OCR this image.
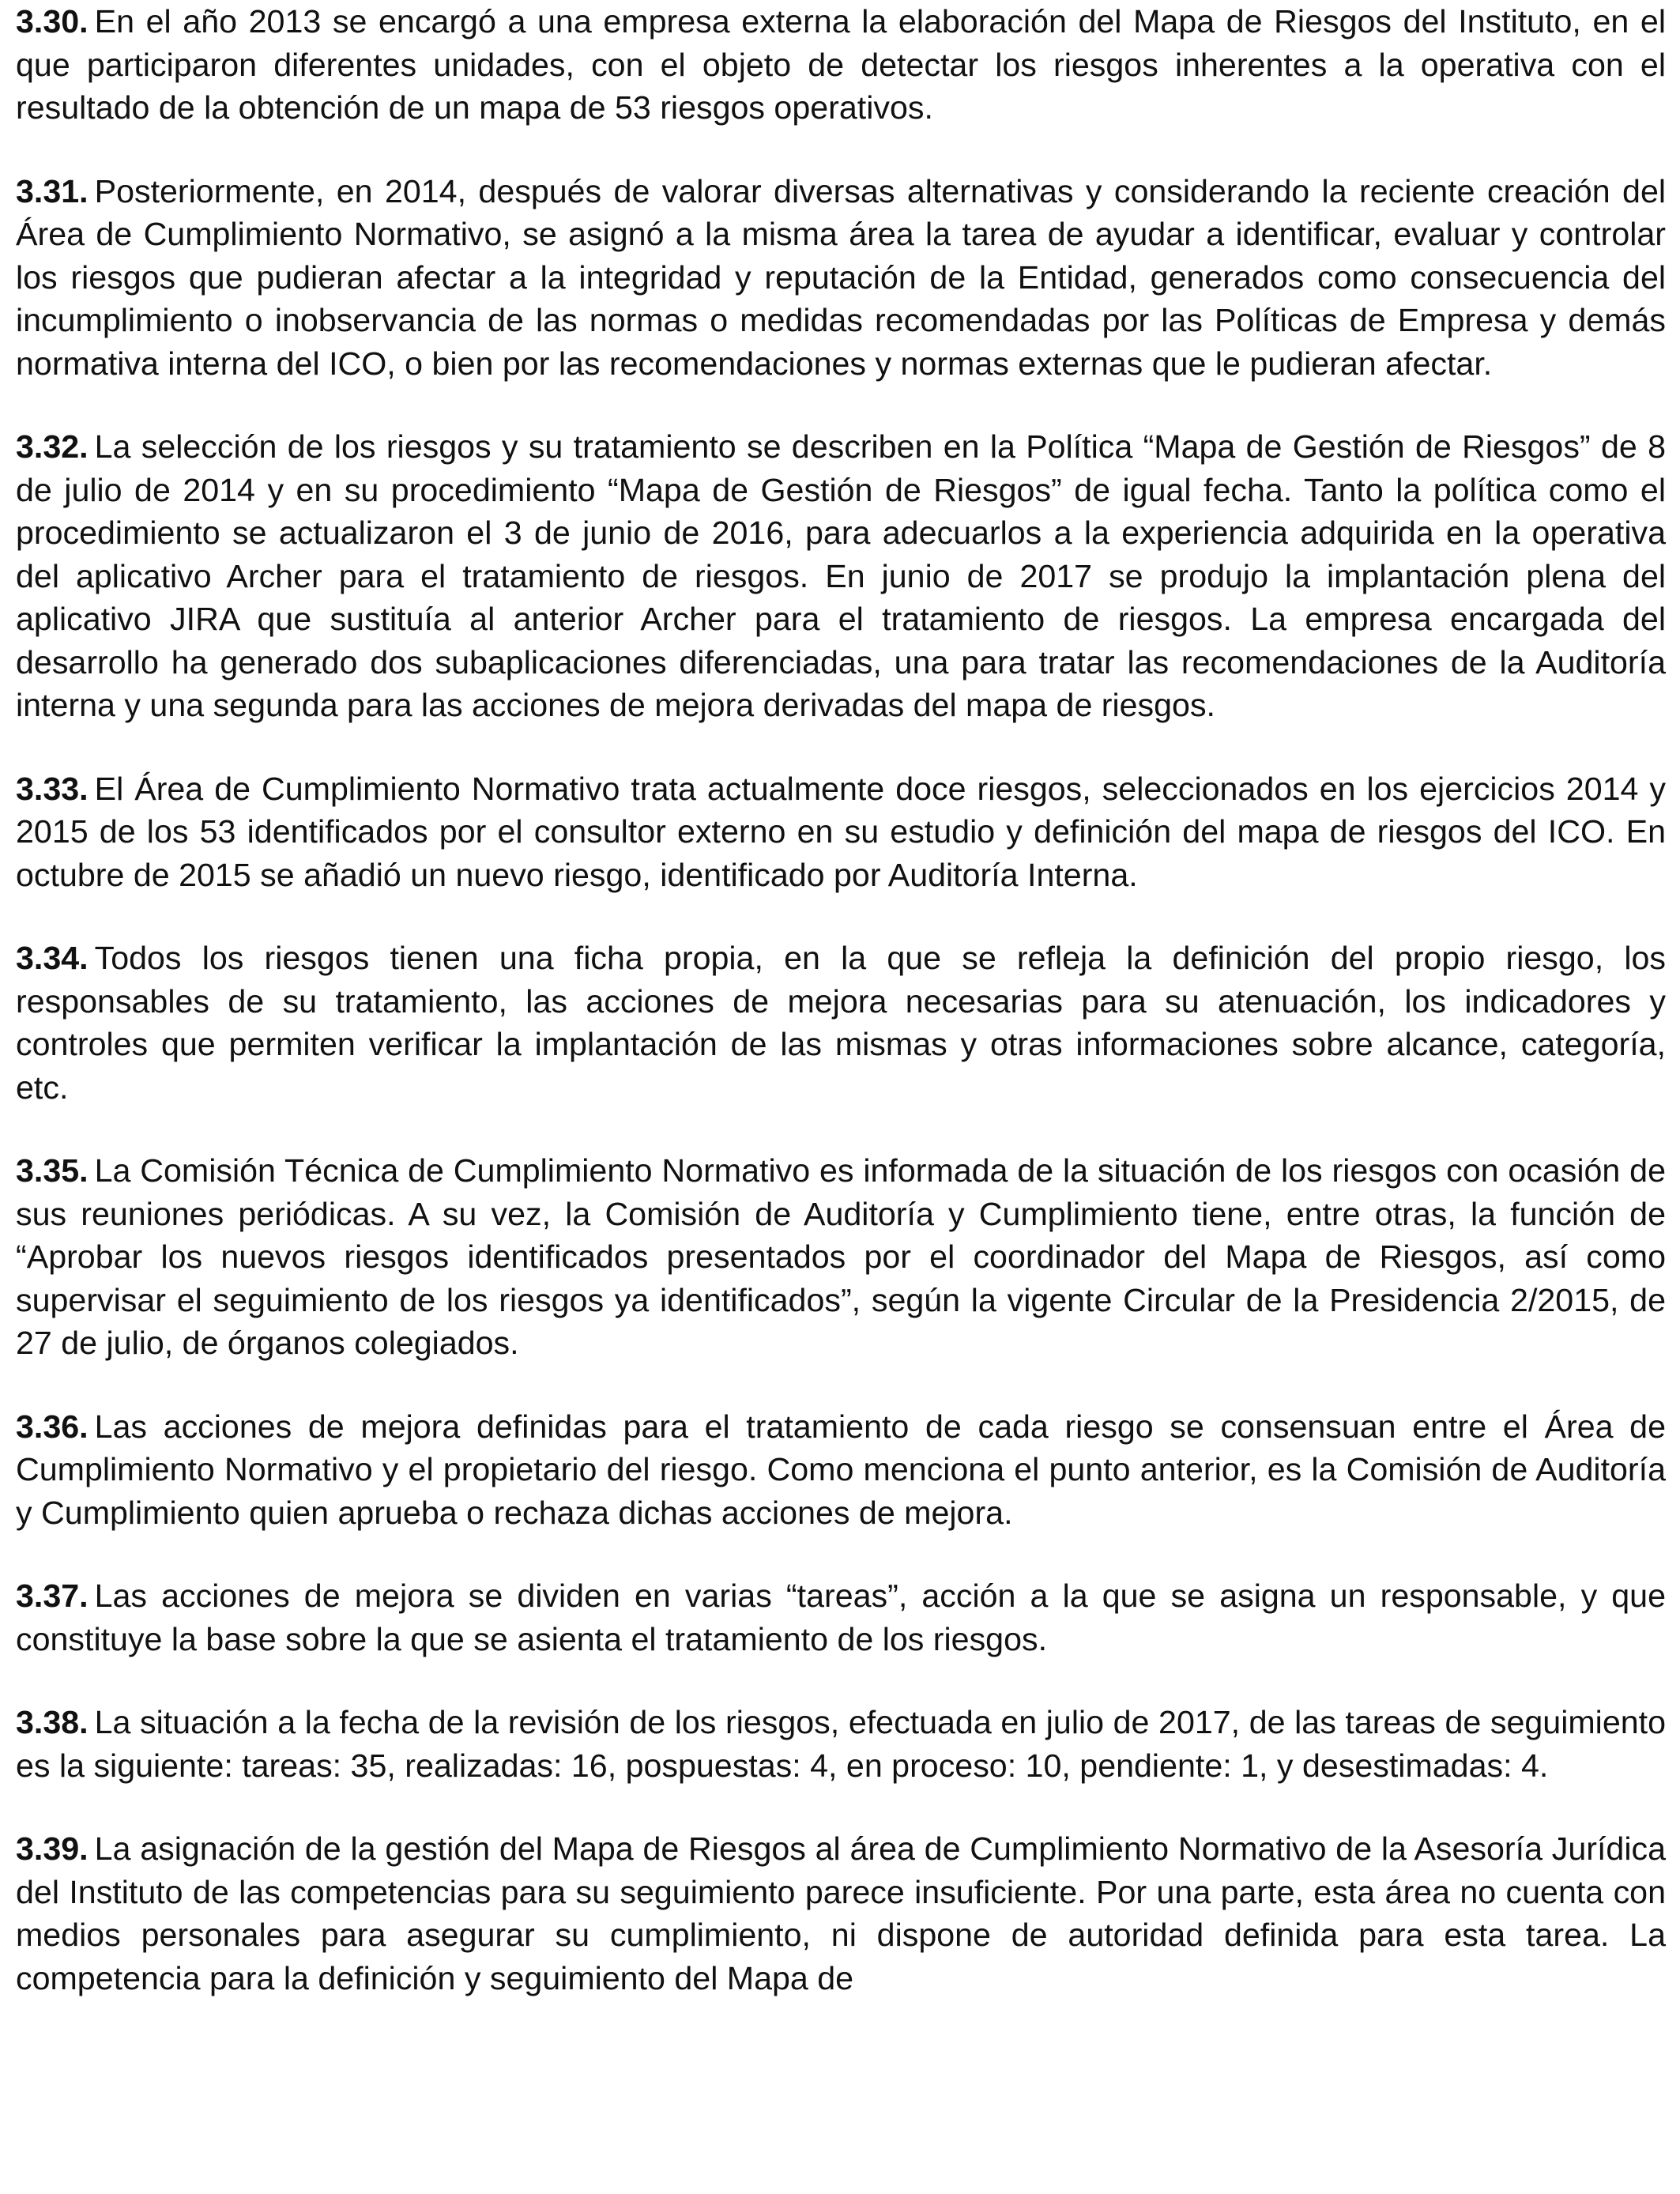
3.30. En el año 2013 se encargó a una empresa externa la elaboración del Mapa de Riesgos del Instituto, en el que participaron diferentes unidades, con el objeto de detectar los riesgos inherentes a la operativa con el resultado de la obtención de un mapa de 53 riesgos operativos.

3.31. Posteriormente, en 2014, después de valorar diversas alternativas y considerando la reciente creación del Área de Cumplimiento Normativo, se asignó a la misma área la tarea de ayudar a identificar, evaluar y controlar los riesgos que pudieran afectar a la integridad y reputación de la Entidad, generados como consecuencia del incumplimiento o inobservancia de las normas o medidas recomendadas por las Políticas de Empresa y demás normativa interna del ICO, o bien por las recomendaciones y normas externas que le pudieran afectar.

3.32. La selección de los riesgos y su tratamiento se describen en la Política “Mapa de Gestión de Riesgos” de 8 de julio de 2014 y en su procedimiento “Mapa de Gestión de Riesgos” de igual fecha. Tanto la política como el procedimiento se actualizaron el 3 de junio de 2016, para adecuarlos a la experiencia adquirida en la operativa del aplicativo Archer para el tratamiento de riesgos. En junio de 2017 se produjo la implantación plena del aplicativo JIRA que sustituía al anterior Archer para el tratamiento de riesgos. La empresa encargada del desarrollo ha generado dos subaplicaciones diferenciadas, una para tratar las recomendaciones de la Auditoría interna y una segunda para las acciones de mejora derivadas del mapa de riesgos.

3.33. El Área de Cumplimiento Normativo trata actualmente doce riesgos, seleccionados en los ejercicios 2014 y 2015 de los 53 identificados por el consultor externo en su estudio y definición del mapa de riesgos del ICO. En octubre de 2015 se añadió un nuevo riesgo, identificado por Auditoría Interna.

3.34. Todos los riesgos tienen una ficha propia, en la que se refleja la definición del propio riesgo, los responsables de su tratamiento, las acciones de mejora necesarias para su atenuación, los indicadores y controles que permiten verificar la implantación de las mismas y otras informaciones sobre alcance, categoría, etc.

3.35. La Comisión Técnica de Cumplimiento Normativo es informada de la situación de los riesgos con ocasión de sus reuniones periódicas. A su vez, la Comisión de Auditoría y Cumplimiento tiene, entre otras, la función de “Aprobar los nuevos riesgos identificados presentados por el coordinador del Mapa de Riesgos, así como supervisar el seguimiento de los riesgos ya identificados”, según la vigente Circular de la Presidencia 2/2015, de 27 de julio, de órganos colegiados.

3.36. Las acciones de mejora definidas para el tratamiento de cada riesgo se consensuan entre el Área de Cumplimiento Normativo y el propietario del riesgo. Como menciona el punto anterior, es la Comisión de Auditoría y Cumplimiento quien aprueba o rechaza dichas acciones de mejora.

3.37. Las acciones de mejora se dividen en varias “tareas”, acción a la que se asigna un responsable, y que constituye la base sobre la que se asienta el tratamiento de los riesgos.

3.38. La situación a la fecha de la revisión de los riesgos, efectuada en julio de 2017, de las tareas de seguimiento es la siguiente: tareas: 35, realizadas: 16, pospuestas: 4, en proceso: 10, pendiente: 1, y desestimadas: 4.

3.39. La asignación de la gestión del Mapa de Riesgos al área de Cumplimiento Normativo de la Asesoría Jurídica del Instituto de las competencias para su seguimiento parece insuficiente. Por una parte, esta área no cuenta con medios personales para asegurar su cumplimiento, ni dispone de autoridad definida para esta tarea. La competencia para la definición y seguimiento del Mapa de
